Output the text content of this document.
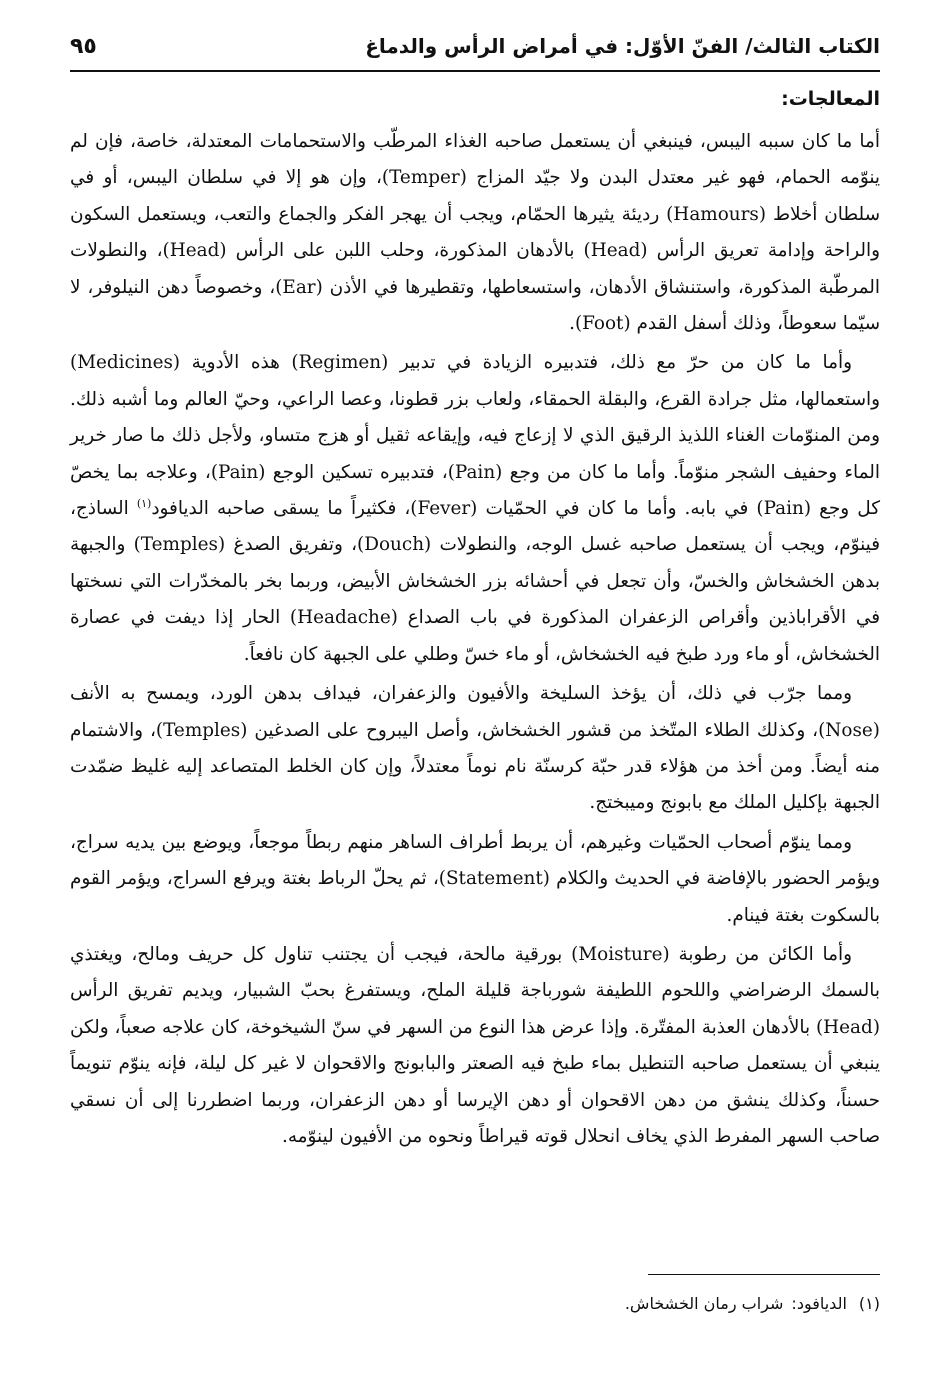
الكتاب الثالث/ الفنّ الأوّل: في أمراض الرأس والدماغ
٩٥
المعالجات:

أما ما كان سببه اليبس، فينبغي أن يستعمل صاحبه الغذاء المرطّب والاستحمامات المعتدلة، خاصة، فإن لم ينوّمه الحمام، فهو غير معتدل البدن ولا جيّد المزاج (Temper)، وإن هو إلا في سلطان اليبس، أو في سلطان أخلاط (Hamours) رديئة يثيرها الحمّام، ويجب أن يهجر الفكر والجماع والتعب، ويستعمل السكون والراحة وإدامة تعريق الرأس (Head) بالأدهان المذكورة، وحلب اللبن على الرأس (Head)، والنطولات المرطّبة المذكورة، واستنشاق الأدهان، واستسعاطها، وتقطيرها في الأذن (Ear)، وخصوصاً دهن النيلوفر، لا سيّما سعوطاً، وذلك أسفل القدم (Foot).

وأما ما كان من حرّ مع ذلك، فتدبيره الزيادة في تدبير (Regimen) هذه الأدوية (Medicines) واستعمالها، مثل جرادة القرع، والبقلة الحمقاء، ولعاب بزر قطونا، وعصا الراعي، وحيّ العالم وما أشبه ذلك. ومن المنوّمات الغناء اللذيذ الرقيق الذي لا إزعاج فيه، وإيقاعه ثقيل أو هزج متساو، ولأجل ذلك ما صار خرير الماء وحفيف الشجر منوّماً. وأما ما كان من وجع (Pain)، فتدبيره تسكين الوجع (Pain)، وعلاجه بما يخصّ كل وجع (Pain) في بابه. وأما ما كان في الحمّيات (Fever)، فكثيراً ما يسقى صاحبه الديافود$^{(١)}$ الساذج، فينوّم، ويجب أن يستعمل صاحبه غسل الوجه، والنطولات (Douch)، وتفريق الصدغ (Temples) والجبهة بدهن الخشخاش والخسّ، وأن تجعل في أحشائه بزر الخشخاش الأبيض، وربما بخر بالمخدّرات التي نسختها في الأقراباذين وأقراص الزعفران المذكورة في باب الصداع (Headache) الحار إذا ديفت في عصارة الخشخاش، أو ماء ورد طبخ فيه الخشخاش، أو ماء خسّ وطلي على الجبهة كان نافعاً.

ومما جرّب في ذلك، أن يؤخذ السليخة والأفيون والزعفران، فيداف بدهن الورد، ويمسح به الأنف (Nose)، وكذلك الطلاء المتّخذ من قشور الخشخاش، وأصل اليبروح على الصدغين (Temples)، والاشتمام منه أيضاً. ومن أخذ من هؤلاء قدر حبّة كرسنّة نام نوماً معتدلاً، وإن كان الخلط المتصاعد إليه غليظ ضمّدت الجبهة بإكليل الملك مع بابونج وميبختج.

ومما ينوّم أصحاب الحمّيات وغيرهم، أن يربط أطراف الساهر منهم ربطاً موجعاً، ويوضع بين يديه سراج، ويؤمر الحضور بالإفاضة في الحديث والكلام (Statement)، ثم يحلّ الرباط بغتة ويرفع السراج، ويؤمر القوم بالسكوت بغتة فينام.

وأما الكائن من رطوبة (Moisture) بورقية مالحة، فيجب أن يجتنب تناول كل حريف ومالح، ويغتذي بالسمك الرضراضي واللحوم اللطيفة شورباجة قليلة الملح، ويستفرغ بحبّ الشبيار، ويديم تفريق الرأس (Head) بالأدهان العذبة المفتّرة. وإذا عرض هذا النوع من السهر في سنّ الشيخوخة، كان علاجه صعباً، ولكن ينبغي أن يستعمل صاحبه التنطيل بماء طبخ فيه الصعتر والبابونج والاقحوان لا غير كل ليلة، فإنه ينوّم تنويماً حسناً، وكذلك ينشق من دهن الاقحوان أو دهن الإيرسا أو دهن الزعفران، وربما اضطررنا إلى أن نسقي صاحب السهر المفرط الذي يخاف انحلال قوته قيراطاً ونحوه من الأفيون لينوّمه.

(١)الديافود:شراب رمان الخشخاش.
